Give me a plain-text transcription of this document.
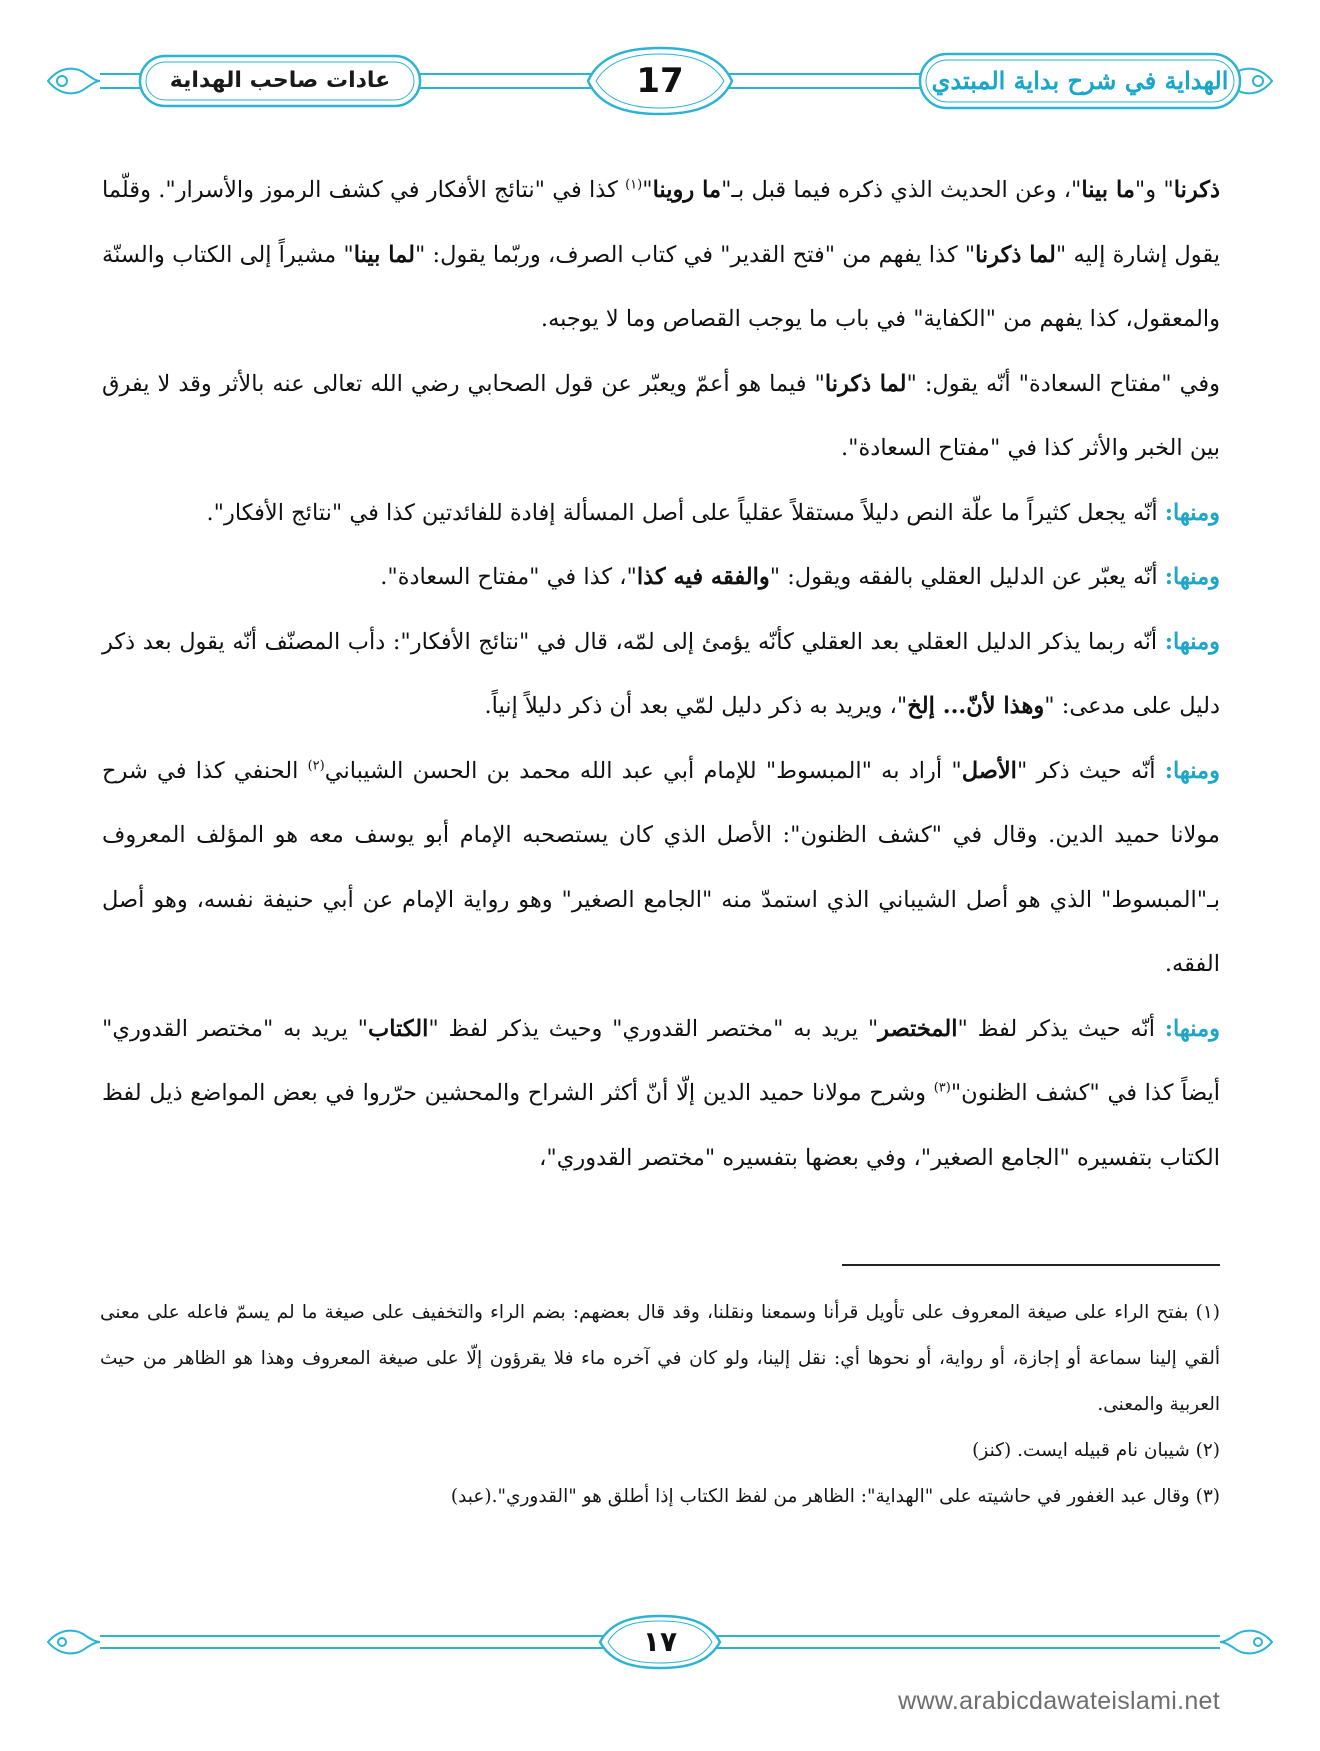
عادات صاحب الهداية	17	الهداية في شرح بداية المبتدي

ذكرنا" و"ما بينا"، وعن الحديث الذي ذكره فيما قبل بـ"ما روينا"$^{(١)}$ كذا في "نتائج الأفكار في كشف الرموز والأسرار". وقلّما يقول إشارة إليه "لما ذكرنا" كذا يفهم من "فتح القدير" في كتاب الصرف، وربّما يقول: "لما بينا" مشيراً إلى الكتاب والسنّة والمعقول، كذا يفهم من "الكفاية" في باب ما يوجب القصاص وما لا يوجبه.

وفي "مفتاح السعادة" أنّه يقول: "لما ذكرنا" فيما هو أعمّ ويعبّر عن قول الصحابي رضي الله تعالى عنه بالأثر وقد لا يفرق بين الخبر والأثر كذا في "مفتاح السعادة".

ومنها: أنّه يجعل كثيراً ما علّة النص دليلاً مستقلاً عقلياً على أصل المسألة إفادة للفائدتين كذا في "نتائج الأفكار".

ومنها: أنّه يعبّر عن الدليل العقلي بالفقه ويقول: "والفقه فيه كذا"، كذا في "مفتاح السعادة".

ومنها: أنّه ربما يذكر الدليل العقلي بعد العقلي كأنّه يؤمئ إلى لمّه، قال في "نتائج الأفكار": دأب المصنّف أنّه يقول بعد ذكر دليل على مدعى: "وهذا لأنّ... إلخ"، ويريد به ذكر دليل لمّي بعد أن ذكر دليلاً إنياً.

ومنها: أنّه حيث ذكر "الأصل" أراد به "المبسوط" للإمام أبي عبد الله محمد بن الحسن الشيباني$^{(٢)}$ الحنفي كذا في شرح مولانا حميد الدين. وقال في "كشف الظنون": الأصل الذي كان يستصحبه الإمام أبو يوسف معه هو المؤلف المعروف بـ"المبسوط" الذي هو أصل الشيباني الذي استمدّ منه "الجامع الصغير" وهو رواية الإمام عن أبي حنيفة نفسه، وهو أصل الفقه.

ومنها: أنّه حيث يذكر لفظ "المختصر" يريد به "مختصر القدوري" وحيث يذكر لفظ "الكتاب" يريد به "مختصر القدوري" أيضاً كذا في "كشف الظنون"$^{(٣)}$ وشرح مولانا حميد الدين إلّا أنّ أكثر الشراح والمحشين حرّروا في بعض المواضع ذيل لفظ الكتاب بتفسيره "الجامع الصغير"، وفي بعضها بتفسيره "مختصر القدوري"،

(١) بفتح الراء على صيغة المعروف على تأويل قرأنا وسمعنا ونقلنا، وقد قال بعضهم: بضم الراء والتخفيف على صيغة ما لم يسمّ فاعله على معنى ألقي إلينا سماعة أو إجازة، أو رواية، أو نحوها أي: نقل إلينا، ولو كان في آخره ماء فلا يقرؤون إلّا على صيغة المعروف وهذا هو الظاهر من حيث العربية والمعنى.

(٢) شيبان نام قبيله ايست. (كنز)

(٣) وقال عبد الغفور في حاشيته على "الهداية": الظاهر من لفظ الكتاب إذا أطلق هو "القدوري".(عبد)

١٧
www.arabicdawateislami.net
